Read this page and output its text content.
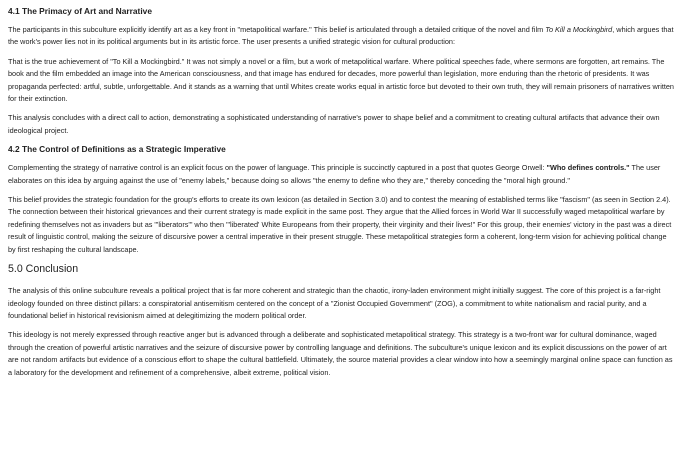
4.1 The Primacy of Art and Narrative

The participants in this subculture explicitly identify art as a key front in "metapolitical warfare." This belief is articulated through a detailed critique of the novel and film To Kill a Mockingbird, which argues that the work's power lies not in its political arguments but in its artistic force. The user presents a unified strategic vision for cultural production:

That is the true achievement of "To Kill a Mockingbird." It was not simply a novel or a film, but a work of metapolitical warfare. Where political speeches fade, where sermons are forgotten, art remains. The book and the film embedded an image into the American consciousness, and that image has endured for decades, more powerful than legislation, more enduring than the rhetoric of presidents. It was propaganda perfected: artful, subtle, unforgettable. And it stands as a warning that until Whites create works equal in artistic force but devoted to their own truth, they will remain prisoners of narratives written for their extinction.

This analysis concludes with a direct call to action, demonstrating a sophisticated understanding of narrative's power to shape belief and a commitment to creating cultural artifacts that advance their own ideological project.

4.2 The Control of Definitions as a Strategic Imperative

Complementing the strategy of narrative control is an explicit focus on the power of language. This principle is succinctly captured in a post that quotes George Orwell: "Who defines controls." The user elaborates on this idea by arguing against the use of "enemy labels," because doing so allows "the enemy to define who they are," thereby conceding the "moral high ground."

This belief provides the strategic foundation for the group's efforts to create its own lexicon (as detailed in Section 3.0) and to contest the meaning of established terms like "fascism" (as seen in Section 2.4). The connection between their historical grievances and their current strategy is made explicit in the same post. They argue that the Allied forces in World War II successfully waged metapolitical warfare by redefining themselves not as invaders but as "'liberators'" who then "'liberated' White Europeans from their property, their virginity and their lives!" For this group, their enemies' victory in the past was a direct result of linguistic control, making the seizure of discursive power a central imperative in their present struggle. These metapolitical strategies form a coherent, long-term vision for achieving political change by first reshaping the cultural landscape.

5.0 Conclusion

The analysis of this online subculture reveals a political project that is far more coherent and strategic than the chaotic, irony-laden environment might initially suggest. The core of this project is a far-right ideology founded on three distinct pillars: a conspiratorial antisemitism centered on the concept of a "Zionist Occupied Government" (ZOG), a commitment to white nationalism and racial purity, and a foundational belief in historical revisionism aimed at delegitimizing the modern political order.

This ideology is not merely expressed through reactive anger but is advanced through a deliberate and sophisticated metapolitical strategy. This strategy is a two-front war for cultural dominance, waged through the creation of powerful artistic narratives and the seizure of discursive power by controlling language and definitions. The subculture's unique lexicon and its explicit discussions on the power of art are not random artifacts but evidence of a conscious effort to shape the cultural battlefield. Ultimately, the source material provides a clear window into how a seemingly marginal online space can function as a laboratory for the development and refinement of a comprehensive, albeit extreme, political vision.
